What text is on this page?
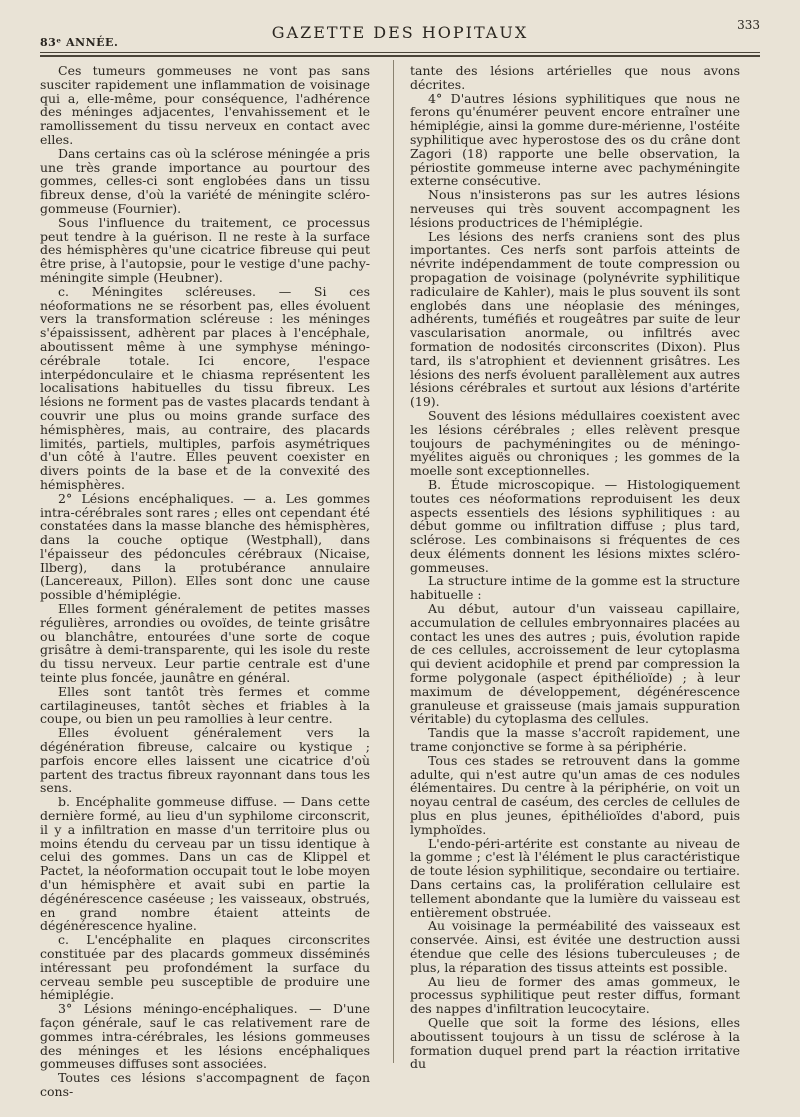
83ᵉ ANNÉE.
GAZETTE DES HOPITAUX	333

Ces tumeurs gommeuses ne vont pas sans susciter rapidement une inflammation de voisinage qui a, elle-même, pour conséquence, l'adhérence des méninges adjacentes, l'envahissement et le ramollissement du tissu nerveux en contact avec elles.

Dans certains cas où la sclérose méningée a pris une très grande importance au pourtour des gommes, celles-ci sont englobées dans un tissu fibreux dense, d'où la variété de méningite scléro-gommeuse (Fournier).

Sous l'influence du traitement, ce processus peut tendre à la guérison. Il ne reste à la surface des hémisphères qu'une cicatrice fibreuse qui peut être prise, à l'autopsie, pour le vestige d'une pachy-méningite simple (Heubner).

c. Méningites scléreuses. — Si ces néoformations ne se résorbent pas, elles évoluent vers la transformation scléreuse : les méninges s'épaississent, adhèrent par places à l'encéphale, aboutissent même à une symphyse méningo-cérébrale totale. Ici encore, l'espace interpédonculaire et le chiasma représentent les localisations habituelles du tissu fibreux. Les lésions ne forment pas de vastes placards tendant à couvrir une plus ou moins grande surface des hémisphères, mais, au contraire, des placards limités, partiels, multiples, parfois asymétriques d'un côté à l'autre. Elles peuvent coexister en divers points de la base et de la convexité des hémisphères.

2° Lésions encéphaliques. — a. Les gommes intra-cérébrales sont rares ; elles ont cependant été constatées dans la masse blanche des hémisphères, dans la couche optique (Westphall), dans l'épaisseur des pédoncules cérébraux (Nicaise, Ilberg), dans la protubérance annulaire (Lancereaux, Pillon). Elles sont donc une cause possible d'hémiplégie.

Elles forment généralement de petites masses régulières, arrondies ou ovoïdes, de teinte grisâtre ou blanchâtre, entourées d'une sorte de coque grisâtre à demi-transparente, qui les isole du reste du tissu nerveux. Leur partie centrale est d'une teinte plus foncée, jaunâtre en général.

Elles sont tantôt très fermes et comme cartilagineuses, tantôt sèches et friables à la coupe, ou bien un peu ramollies à leur centre.

Elles évoluent généralement vers la dégénération fibreuse, calcaire ou kystique ; parfois encore elles laissent une cicatrice d'où partent des tractus fibreux rayonnant dans tous les sens.

b. Encéphalite gommeuse diffuse. — Dans cette dernière formé, au lieu d'un syphilome circonscrit, il y a infiltration en masse d'un territoire plus ou moins étendu du cerveau par un tissu identique à celui des gommes. Dans un cas de Klippel et Pactet, la néoformation occupait tout le lobe moyen d'un hémisphère et avait subi en partie la dégénérescence caséeuse ; les vaisseaux, obstrués, en grand nombre étaient atteints de dégénérescence hyaline.

c. L'encéphalite en plaques circonscrites constituée par des placards gommeux disséminés intéressant peu profondément la surface du cerveau semble peu susceptible de produire une hémiplégie.

3° Lésions méningo-encéphaliques. — D'une façon générale, sauf le cas relativement rare de gommes intra-cérébrales, les lésions gommeuses des méninges et les lésions encéphaliques gommeuses diffuses sont associées.

Toutes ces lésions s'accompagnent de façon cons-

tante des lésions artérielles que nous avons décrites.

4° D'autres lésions syphilitiques que nous ne ferons qu'énumérer peuvent encore entraîner une hémiplégie, ainsi la gomme dure-mérienne, l'ostéite syphilitique avec hyperostose des os du crâne dont Zagori (18) rapporte une belle observation, la périostite gommeuse interne avec pachyméningite externe consécutive.

Nous n'insisterons pas sur les autres lésions nerveuses qui très souvent accompagnent les lésions productrices de l'hémiplégie.

Les lésions des nerfs craniens sont des plus importantes. Ces nerfs sont parfois atteints de névrite indépendamment de toute compression ou propagation de voisinage (polynévrite syphilitique radiculaire de Kahler), mais le plus souvent ils sont englobés dans une néoplasie des méninges, adhérents, tuméfiés et rougeâtres par suite de leur vascularisation anormale, ou infiltrés avec formation de nodosités circonscrites (Dixon). Plus tard, ils s'atrophient et deviennent grisâtres. Les lésions des nerfs évoluent parallèlement aux autres lésions cérébrales et surtout aux lésions d'artérite (19).

Souvent des lésions médullaires coexistent avec les lésions cérébrales ; elles relèvent presque toujours de pachyméningites ou de méningo-myélites aiguës ou chroniques ; les gommes de la moelle sont exceptionnelles.

B. Étude microscopique. — Histologiquement toutes ces néoformations reproduisent les deux aspects essentiels des lésions syphilitiques : au début gomme ou infiltration diffuse ; plus tard, sclérose. Les combinaisons si fréquentes de ces deux éléments donnent les lésions mixtes scléro-gommeuses.

La structure intime de la gomme est la structure habituelle :

Au début, autour d'un vaisseau capillaire, accumulation de cellules embryonnaires placées au contact les unes des autres ; puis, évolution rapide de ces cellules, accroissement de leur cytoplasma qui devient acidophile et prend par compression la forme polygonale (aspect épithélioïde) ; à leur maximum de développement, dégénérescence granuleuse et graisseuse (mais jamais suppuration véritable) du cytoplasma des cellules.

Tandis que la masse s'accroît rapidement, une trame conjonctive se forme à sa périphérie.

Tous ces stades se retrouvent dans la gomme adulte, qui n'est autre qu'un amas de ces nodules élémentaires. Du centre à la périphérie, on voit un noyau central de caséum, des cercles de cellules de plus en plus jeunes, épithélioïdes d'abord, puis lymphoïdes.

L'endo-péri-artérite est constante au niveau de la gomme ; c'est là l'élément le plus caractéristique de toute lésion syphilitique, secondaire ou tertiaire. Dans certains cas, la prolifération cellulaire est tellement abondante que la lumière du vaisseau est entièrement obstruée.

Au voisinage la perméabilité des vaisseaux est conservée. Ainsi, est évitée une destruction aussi étendue que celle des lésions tuberculeuses ; de plus, la réparation des tissus atteints est possible.

Au lieu de former des amas gommeux, le processus syphilitique peut rester diffus, formant des nappes d'infiltration leucocytaire.

Quelle que soit la forme des lésions, elles aboutissent toujours à un tissu de sclérose à la formation duquel prend part la réaction irritative du
